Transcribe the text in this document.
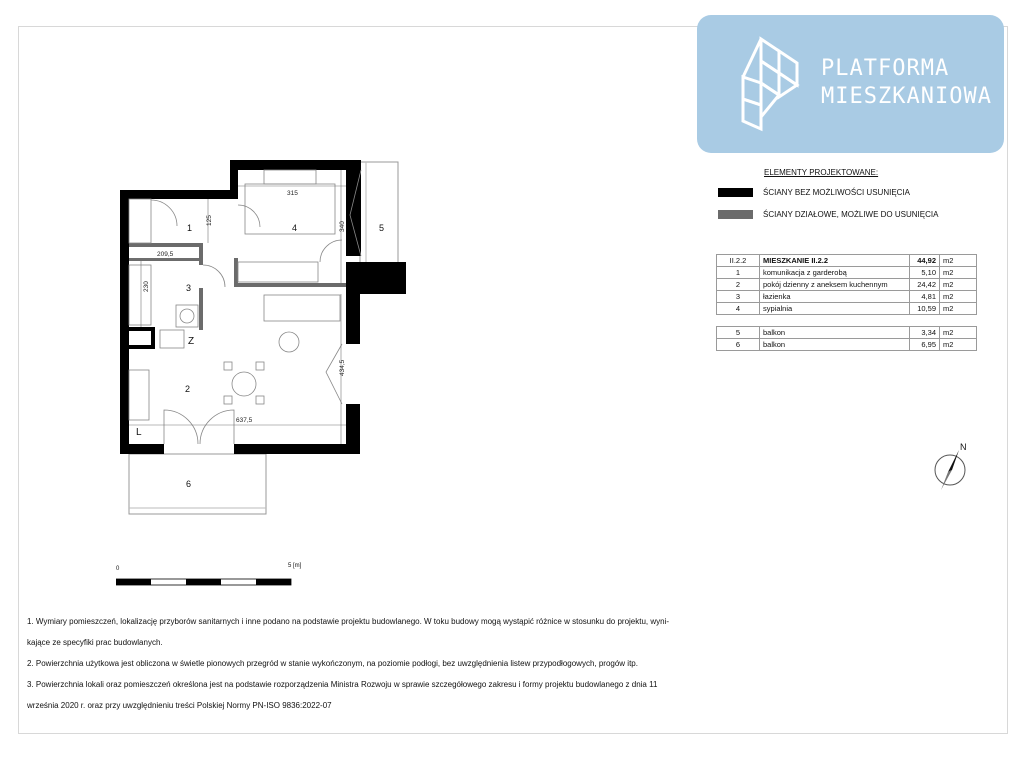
PLATFORMA
MIESZKANIOWA
ELEMENTY PROJEKTOWANE:
ŚCIANY BEZ MOŻLIWOŚCI USUNIĘCIA
ŚCIANY DZIAŁOWE, MOŻLIWE DO USUNIĘCIA
II.2.2	MIESZKANIE II.2.2	44,92	m2
1	komunikacja z garderobą	5,10	m2
2	pokój dzienny z aneksem kuchennym	24,42	m2
3	łazienka	4,81	m2
4	sypialnia	10,59	m2
5	balkon	3,34	m2
6	balkon	6,95	m2
N
1
2
3
4	5
6
Z
L
315
125
340
209,5
230
434,5
637,5
0	5 [m]
1. Wymiary pomieszczeń, lokalizację przyborów sanitarnych i inne podano na podstawie projektu budowlanego. W toku budowy mogą wystąpić różnice w stosunku do projektu, wyni-
kające ze specyfiki prac budowlanych.
2. Powierzchnia użytkowa jest obliczona w świetle pionowych przegród w stanie wykończonym, na poziomie podłogi, bez uwzględnienia listew przypodłogowych, progów itp.
3. Powierzchnia lokali oraz pomieszczeń określona jest na podstawie rozporządzenia Ministra Rozwoju w sprawie szczegółowego zakresu i formy projektu budowlanego z dnia 11
września 2020 r. oraz przy uwzględnieniu treści Polskiej Normy PN-ISO 9836:2022-07
